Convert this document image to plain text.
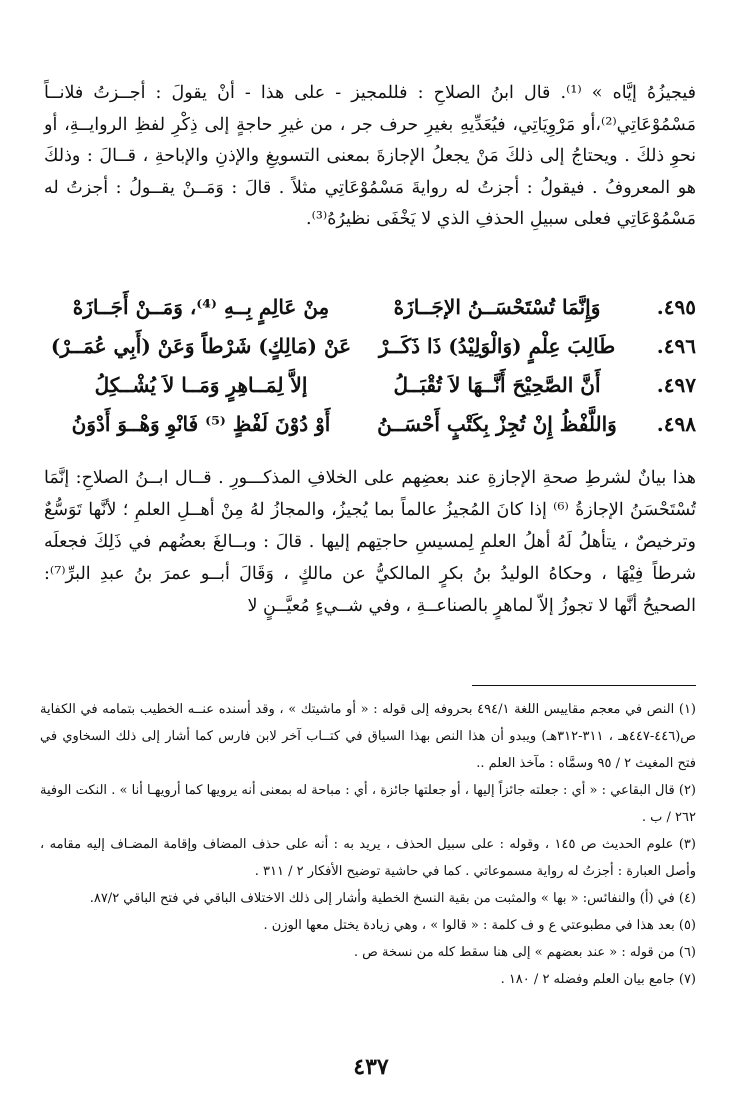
فيجيزُهُ إيَّاه » ⁽¹⁾. قال ابنُ الصلاحِ : فللمجيز - على هذا - أنْ يقولَ : أجــزتُ فلانــاً مَسْمُوْعَاتِي⁽²⁾،أو مَرْوِيَاتِي، فيُعَدِّيهِ بغيرِ حرف جر ، من غيرِ حاجةٍ إلى ذِكْرِ لفظِ الروايــةِ، أو نحوِ ذلكَ . ويحتاجُ إلى ذلكَ مَنْ يجعلُ الإجازةَ بمعنى التسويغِ والإذنِ والإباحةِ ، قــالَ : وذلكَ هو المعروفُ . فيقولُ : أجزتُ له روايةَ مَسْمُوْعَاتِي مثلاً . قالَ : وَمَــنْ يقــولُ : أجزتُ له مَسْمُوْعَاتِي فعلى سبيلِ الحذفِ الذي لا يَخْفَى نظيرُهُ⁽³⁾.

٤٩٥.
وَإِنَّمَا تُسْتَحْسَــنُ الإجَــازَهْ
مِنْ عَالِمٍ بِــهِ ⁽⁴⁾، وَمَــنْ أَجَــازَهْ
٤٩٦.
طَالِبَ عِلْمٍ (وَالْوَلِيْدُ) ذَا ذَكَــرْ
عَنْ (مَالِكٍ) شَرْطاً وَعَنْ (أَبِي عُمَــرْ)
٤٩٧.
أَنَّ الصَّحِيْحَ أَنَّــهَا لاَ تُقْبَــلُ
إلاَّ لِمَــاهِرٍ وَمَــا لاَ يُشْــكِلُ
٤٩٨.
وَاللَّفْظُ إِنْ تُجِزْ بِكَتْبٍ أَحْسَــنُ
أَوْ دُوْنَ لَفْظٍ ⁽⁵⁾ فَانْوِ وَهْــوَ أَدْوَنُ

هذا بيانٌ لشرطِ صحةِ الإجازةِ عند بعضِهم على الخلافِ المذكـــورِ . قــال ابــنُ الصلاحِ: إنَّمَا تُسْتَحْسَنُ الإجازةُ ⁽⁶⁾ إذا كانَ المُجيزُ عالماً بما يُجيزُ، والمجازُ لهُ مِنْ أهــلِ العلمِ ؛ لأنَّها تَوَسُّعٌ وترخيصٌ ، يتأهلُ لَهُ أهلُ العلمِ لِمسيسِ حاجتِهم إليها . قالَ : وبــالغَ بعضُهم في ذَلِكَ فجعلَه شرطاً فِيْهَا ، وحكاهُ الوليدُ بنُ بكرٍ المالكيُّ عن مالكٍ ، وَقَالَ أبــو عمرَ بنُ عبدِ البرِّ⁽⁷⁾: الصحيحُ أنَّها لا تجوزُ إلاّ لماهرٍ بالصناعــةِ ، وفي شــيءٍ مُعيَّــنٍ لا

(١) النص في معجم مقاييس اللغة ٤٩٤/١ بحروفه إلى قوله : « أو ماشيتك » ، وقد أسنده عنــه الخطيب بتمامه في الكفاية ص(٤٤٦-٤٤٧هـ ، ٣١١-٣١٢هـ) ويبدو أن هذا النص بهذا السياق في كتــاب آخر لابن فارس كما أشار إلى ذلك السخاوي في فتح المغيث ٢ / ٩٥ وسمَّاه : مآخذ العلم ..

(٢) قال البقاعي : « أي : جعلته جائزاً إليها ، أو جعلتها جائزة ، أي : مباحة له بمعنى أنه يرويها كما أرويهـا أنا » . النكت الوفية ٢٦٢ / ب .

(٣) علوم الحديث ص ١٤٥ ، وقوله : على سبيل الحذف ، يريد به : أنه على حذف المضاف وإقامة المضـاف إليه مقامه ، وأصل العبارة : أجزتُ له رواية مسموعاتي . كما في حاشية توضيح الأفكار ٢ / ٣١١ .

(٤) في (أ) والنفائس: « بها » والمثبت من بقية النسخ الخطية وأشار إلى ذلك الاختلاف الباقي في فتح الباقي ٨٧/٢.

(٥) بعد هذا في مطبوعتي ع و ف كلمة : « قالوا » ، وهي زيادة يختل معها الوزن .

(٦) من قوله : « عند بعضهم » إلى هنا سقط كله من نسخة ص .

(٧) جامع بيان العلم وفضله ٢ / ١٨٠ .

٤٣٧
